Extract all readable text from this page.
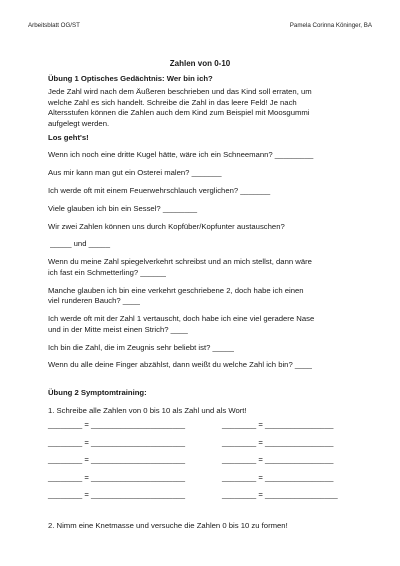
Arbeitsblatt OG/ST	Pamela Corinna Köninger, BA
Zahlen von 0-10
Übung 1 Optisches Gedächtnis: Wer bin ich?
Jede Zahl wird nach dem Äußeren beschrieben und das Kind soll erraten, um
welche Zahl es sich handelt. Schreibe die Zahl in das leere Feld! Je nach
Altersstufen können die Zahlen auch dem Kind zum Beispiel mit Moosgummi
aufgelegt werden.
Los geht's!
Wenn ich noch eine dritte Kugel hätte, wäre ich ein Schneemann? _________
Aus mir kann man gut ein Osterei malen? _______
Ich werde oft mit einem Feuerwehrschlauch verglichen? _______
Viele glauben ich bin ein Sessel? ________
Wir zwei Zahlen können uns durch Kopfüber/Kopfunter austauschen?
_____ und _____
Wenn du meine Zahl spiegelverkehrt schreibst und an mich stellst, dann wäre
ich fast ein Schmetterling? ______
Manche glauben ich bin eine verkehrt geschriebene 2, doch habe ich einen
viel runderen Bauch? ____
Ich werde oft mit der Zahl 1 vertauscht, doch habe ich eine viel geradere Nase
und in der Mitte meist einen Strich? ____
Ich bin die Zahl, die im Zeugnis sehr beliebt ist? _____
Wenn du alle deine Finger abzählst, dann weißt du welche Zahl ich bin? ____
Übung 2 Symptomtraining:
1. Schreibe alle Zahlen von 0 bis 10 als Zahl und als Wort!
________ = ______________________	________ = ________________
________ = ______________________	________ = ________________
________ = ______________________	________ = ________________
________ = ______________________	________ = ________________
________ = ______________________	________ = _________________
2. Nimm eine Knetmasse und versuche die Zahlen 0 bis 10 zu formen!
